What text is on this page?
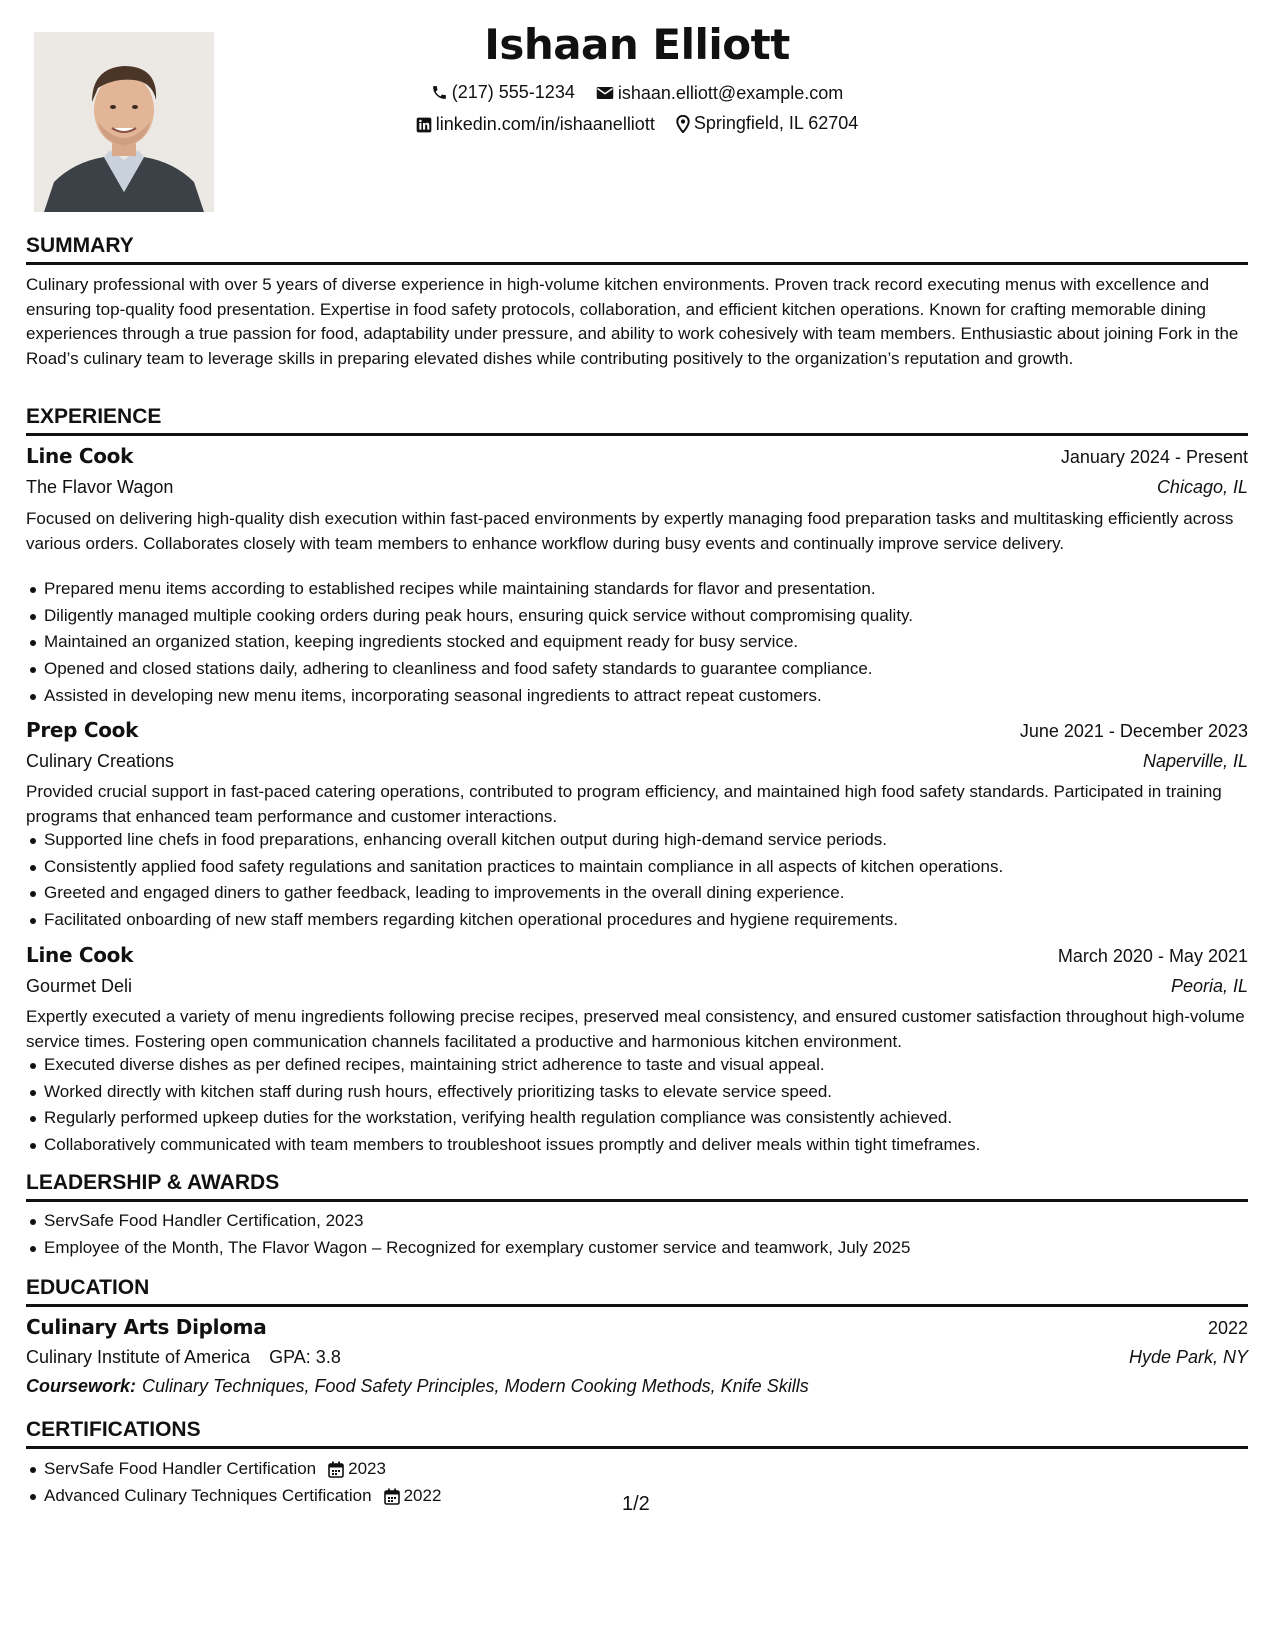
Ishaan Elliott
(217) 555-1234
ishaan.elliott@example.com
linkedin.com/in/ishaanelliott
Springfield, IL 62704
SUMMARY
Culinary professional with over 5 years of diverse experience in high-volume kitchen environments. Proven track record executing menus with excellence and ensuring top-quality food presentation. Expertise in food safety protocols, collaboration, and efficient kitchen operations. Known for crafting memorable dining experiences through a true passion for food, adaptability under pressure, and ability to work cohesively with team members. Enthusiastic about joining Fork in the Road’s culinary team to leverage skills in preparing elevated dishes while contributing positively to the organization’s reputation and growth.
EXPERIENCE
Line Cook	January 2024 - Present
The Flavor Wagon	Chicago, IL
Focused on delivering high-quality dish execution within fast-paced environments by expertly managing food preparation tasks and multitasking efficiently across various orders. Collaborates closely with team members to enhance workflow during busy events and continually improve service delivery.
Prepared menu items according to established recipes while maintaining standards for flavor and presentation.
Diligently managed multiple cooking orders during peak hours, ensuring quick service without compromising quality.
Maintained an organized station, keeping ingredients stocked and equipment ready for busy service.
Opened and closed stations daily, adhering to cleanliness and food safety standards to guarantee compliance.
Assisted in developing new menu items, incorporating seasonal ingredients to attract repeat customers.
Prep Cook	June 2021 - December 2023
Culinary Creations	Naperville, IL
Provided crucial support in fast-paced catering operations, contributed to program efficiency, and maintained high food safety standards. Participated in training programs that enhanced team performance and customer interactions.
Supported line chefs in food preparations, enhancing overall kitchen output during high-demand service periods.
Consistently applied food safety regulations and sanitation practices to maintain compliance in all aspects of kitchen operations.
Greeted and engaged diners to gather feedback, leading to improvements in the overall dining experience.
Facilitated onboarding of new staff members regarding kitchen operational procedures and hygiene requirements.
Line Cook	March 2020 - May 2021
Gourmet Deli	Peoria, IL
Expertly executed a variety of menu ingredients following precise recipes, preserved meal consistency, and ensured customer satisfaction throughout high-volume service times. Fostering open communication channels facilitated a productive and harmonious kitchen environment.
Executed diverse dishes as per defined recipes, maintaining strict adherence to taste and visual appeal.
Worked directly with kitchen staff during rush hours, effectively prioritizing tasks to elevate service speed.
Regularly performed upkeep duties for the workstation, verifying health regulation compliance was consistently achieved.
Collaboratively communicated with team members to troubleshoot issues promptly and deliver meals within tight timeframes.
LEADERSHIP & AWARDS
ServSafe Food Handler Certification, 2023
Employee of the Month, The Flavor Wagon – Recognized for exemplary customer service and teamwork, July 2025
EDUCATION
Culinary Arts Diploma	2022
Culinary Institute of America GPA: 3.8	Hyde Park, NY
Coursework: Culinary Techniques, Food Safety Principles, Modern Cooking Methods, Knife Skills
CERTIFICATIONS
ServSafe Food Handler Certification 2023
Advanced Culinary Techniques Certification 2022	1/2
